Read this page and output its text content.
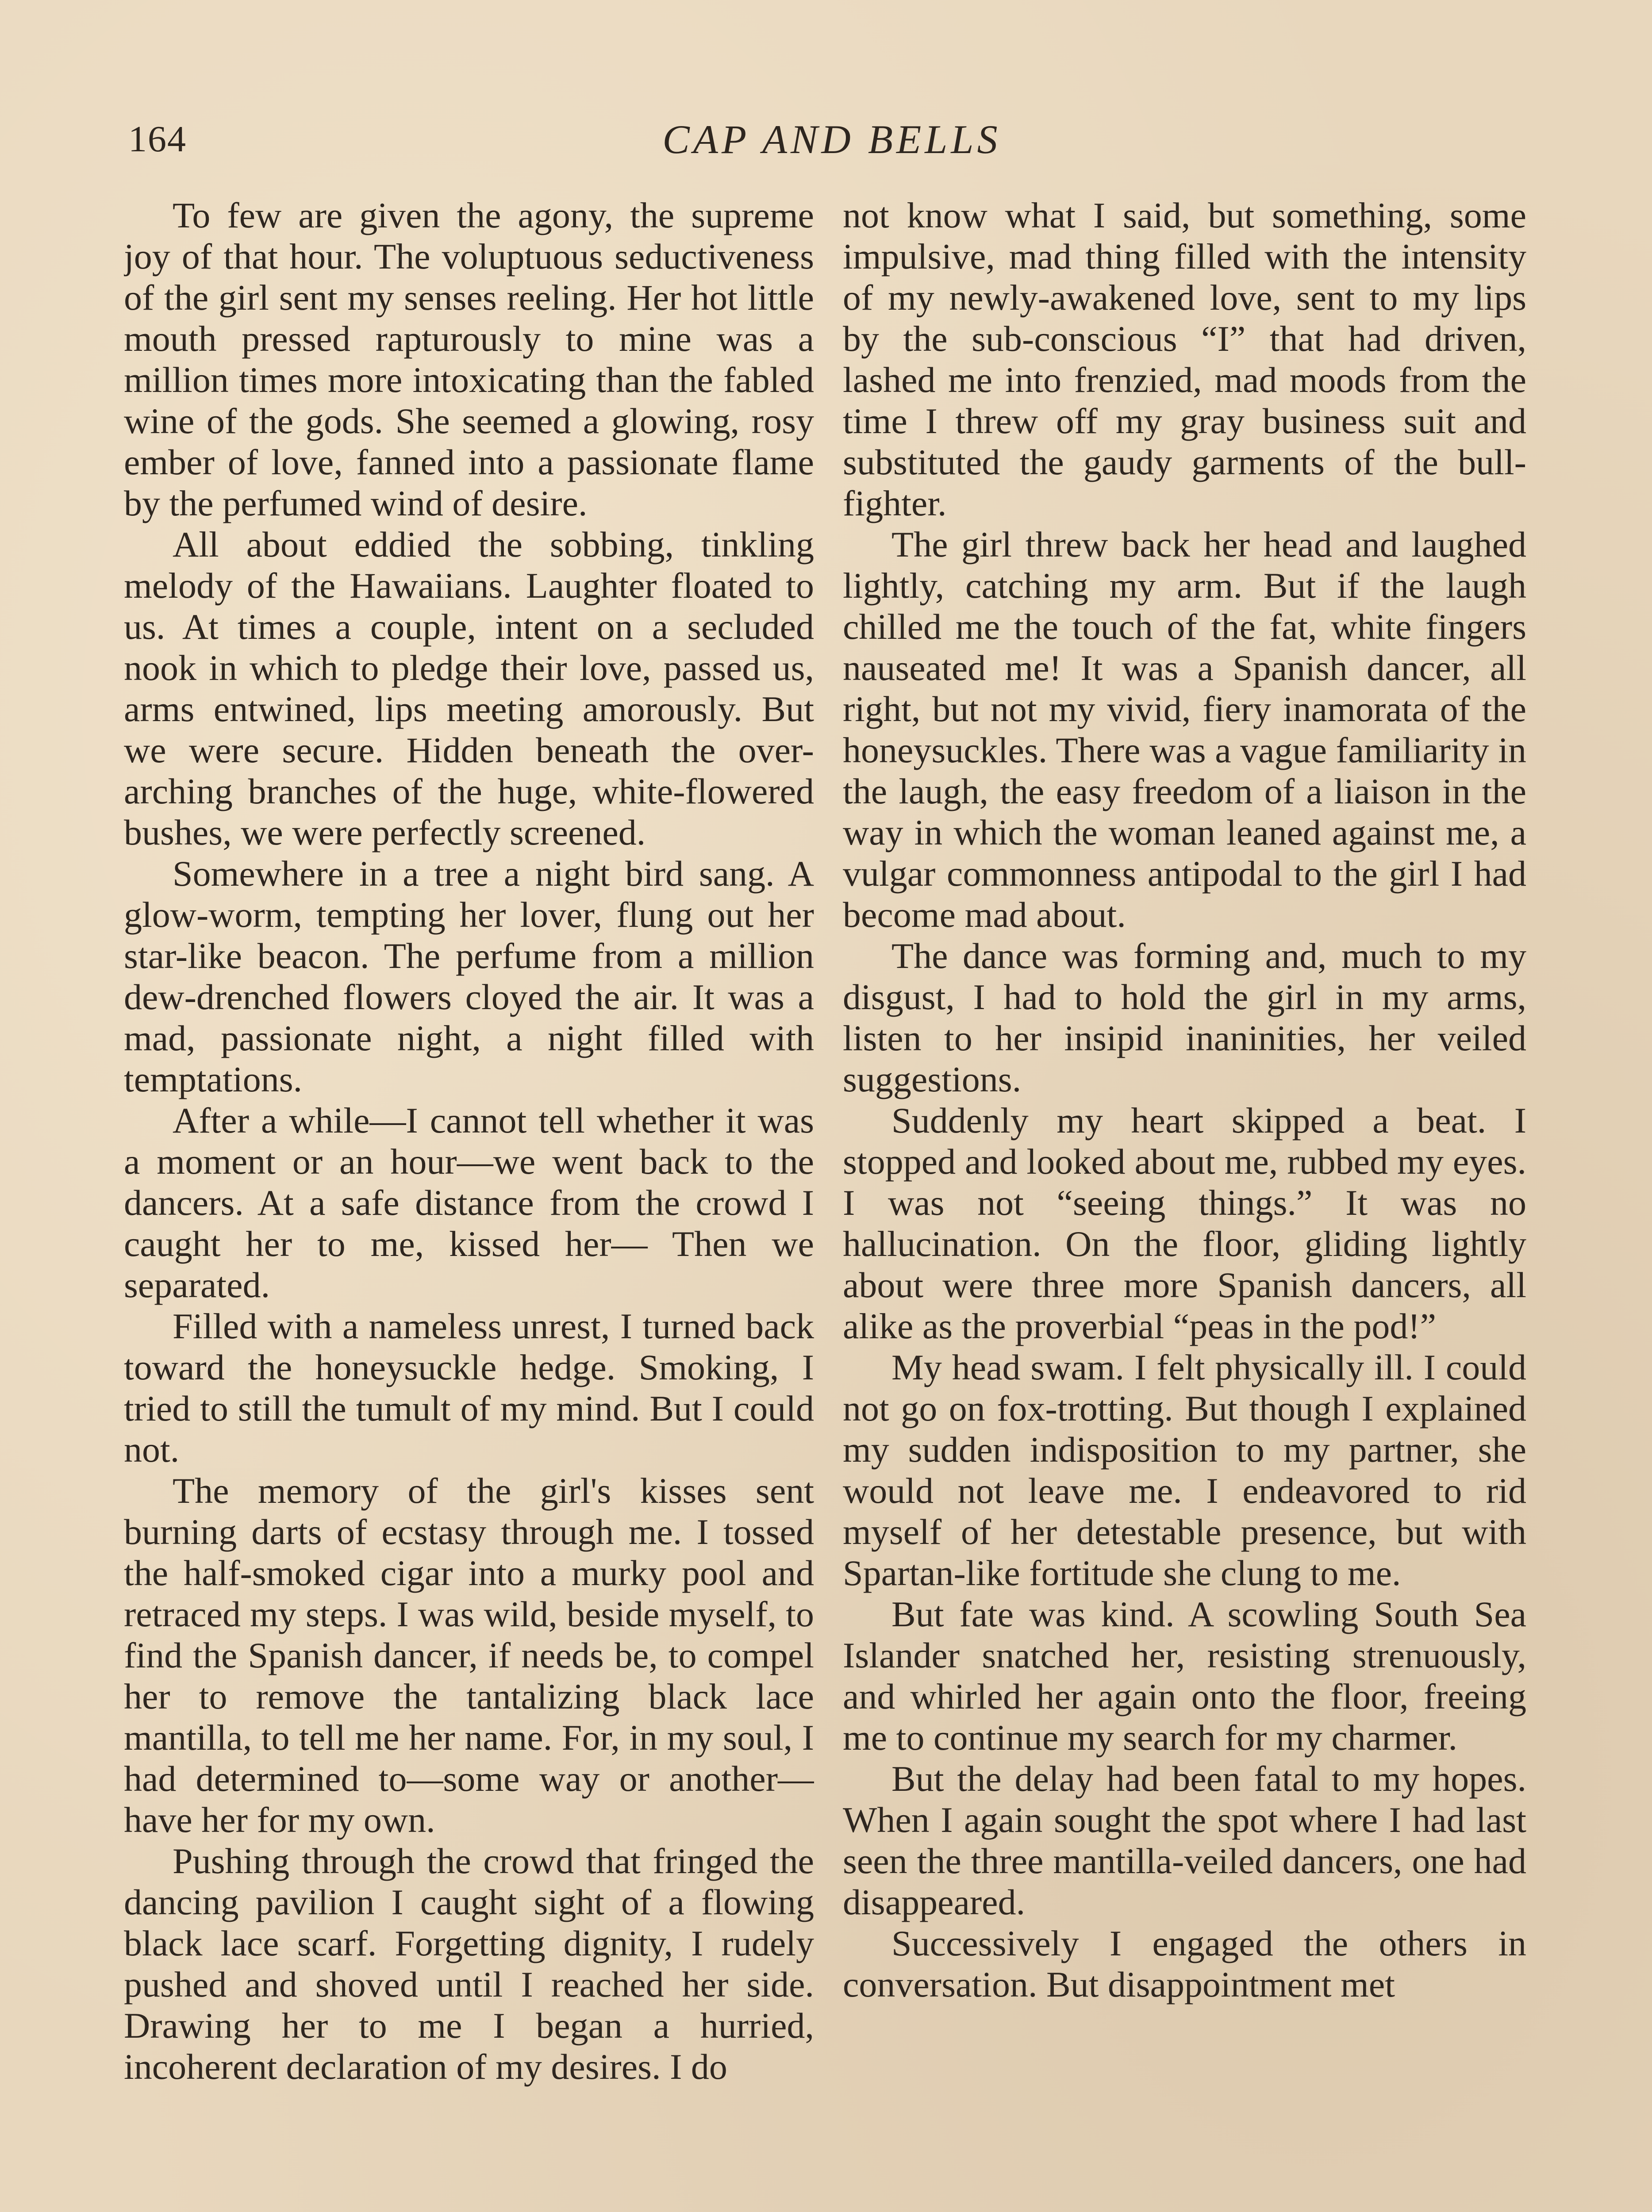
164	CAP AND BELLS

To few are given the agony, the supreme joy of that hour. The voluptuous seductiveness of the girl sent my senses reeling. Her hot little mouth pressed rapturously to mine was a million times more intoxicating than the fabled wine of the gods. She seemed a glowing, rosy ember of love, fanned into a passionate flame by the perfumed wind of desire.

All about eddied the sobbing, tinkling melody of the Hawaiians. Laughter floated to us. At times a couple, intent on a secluded nook in which to pledge their love, passed us, arms entwined, lips meeting amorously. But we were secure. Hidden beneath the over-arching branches of the huge, white-flowered bushes, we were perfectly screened.

Somewhere in a tree a night bird sang. A glow-worm, tempting her lover, flung out her star-like beacon. The perfume from a million dew-drenched flowers cloyed the air. It was a mad, passionate night, a night filled with temptations.

After a while—I cannot tell whether it was a moment or an hour—we went back to the dancers. At a safe distance from the crowd I caught her to me, kissed her— Then we separated.

Filled with a nameless unrest, I turned back toward the honeysuckle hedge. Smoking, I tried to still the tumult of my mind. But I could not.

The memory of the girl's kisses sent burning darts of ecstasy through me. I tossed the half-smoked cigar into a murky pool and retraced my steps. I was wild, beside myself, to find the Spanish dancer, if needs be, to compel her to remove the tantalizing black lace mantilla, to tell me her name. For, in my soul, I had determined to—some way or another—have her for my own.

Pushing through the crowd that fringed the dancing pavilion I caught sight of a flowing black lace scarf. Forgetting dignity, I rudely pushed and shoved until I reached her side. Drawing her to me I began a hurried, incoherent declaration of my desires. I do

not know what I said, but something, some impulsive, mad thing filled with the intensity of my newly-awakened love, sent to my lips by the sub-conscious “I” that had driven, lashed me into frenzied, mad moods from the time I threw off my gray business suit and substituted the gaudy garments of the bull-fighter.

The girl threw back her head and laughed lightly, catching my arm. But if the laugh chilled me the touch of the fat, white fingers nauseated me! It was a Spanish dancer, all right, but not my vivid, fiery inamorata of the honeysuckles. There was a vague familiarity in the laugh, the easy freedom of a liaison in the way in which the woman leaned against me, a vulgar commonness antipodal to the girl I had become mad about.

The dance was forming and, much to my disgust, I had to hold the girl in my arms, listen to her insipid inaninities, her veiled suggestions.

Suddenly my heart skipped a beat. I stopped and looked about me, rubbed my eyes. I was not “seeing things.” It was no hallucination. On the floor, gliding lightly about were three more Spanish dancers, all alike as the proverbial “peas in the pod!”

My head swam. I felt physically ill. I could not go on fox-trotting. But though I explained my sudden indisposition to my partner, she would not leave me. I endeavored to rid myself of her detestable presence, but with Spartan-like fortitude she clung to me.

But fate was kind. A scowling South Sea Islander snatched her, resisting strenuously, and whirled her again onto the floor, freeing me to continue my search for my charmer.

But the delay had been fatal to my hopes. When I again sought the spot where I had last seen the three mantilla-veiled dancers, one had disappeared.

Successively I engaged the others in conversation. But disappointment met
